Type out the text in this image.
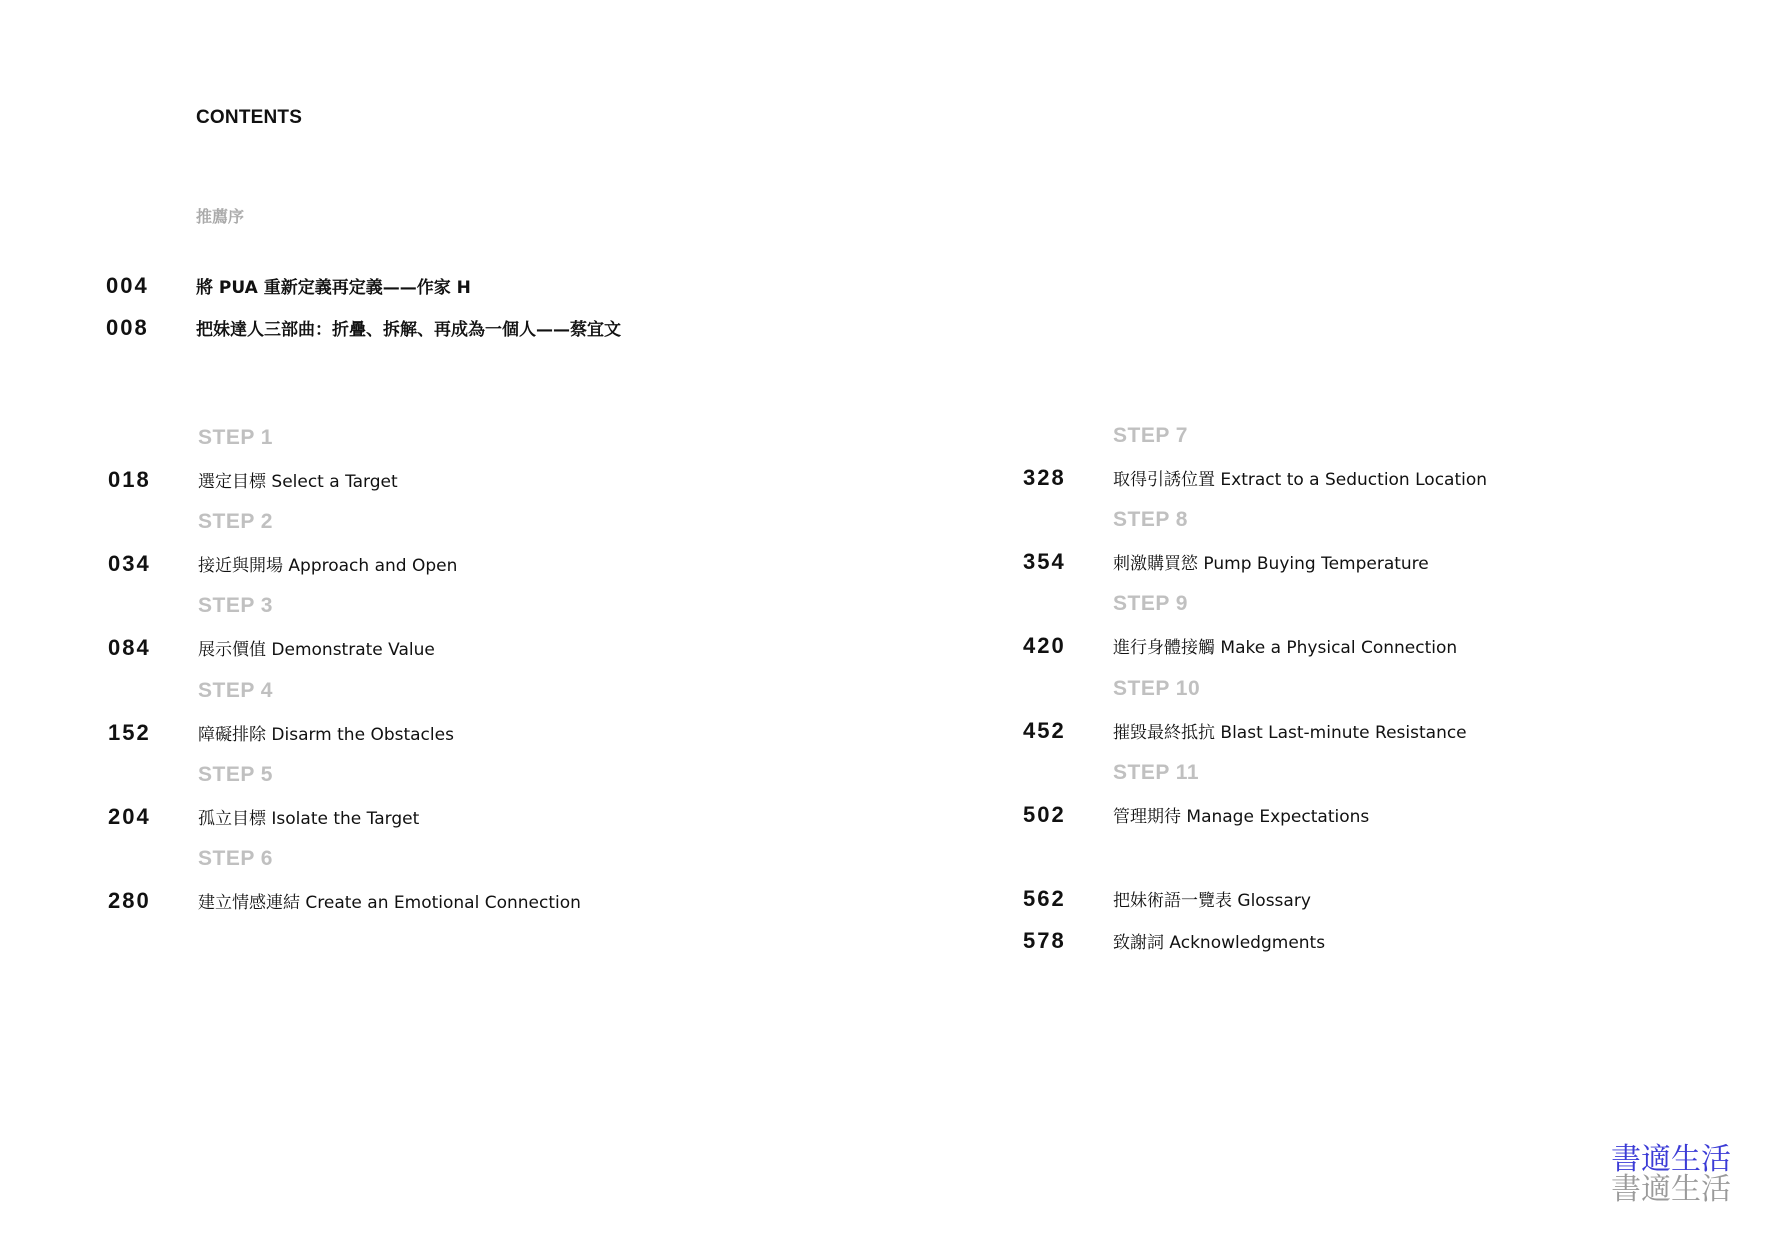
CONTENTS
推薦序
004	將 PUA 重新定義再定義——作家 H
008	把妹達人三部曲：折疊、拆解、再成為一個人——蔡宜文
STEP 1
018	選定目標 Select a Target
STEP 2
034	接近與開場 Approach and Open
STEP 3
084	展示價值 Demonstrate Value
STEP 4
152	障礙排除 Disarm the Obstacles
STEP 5
204	孤立目標 Isolate the Target
STEP 6
280	建立情感連結 Create an Emotional Connection
STEP 7
328	取得引誘位置 Extract to a Seduction Location
STEP 8
354	刺激購買慾 Pump Buying Temperature
STEP 9
420	進行身體接觸 Make a Physical Connection
STEP 10
452	摧毀最終抵抗 Blast Last-minute Resistance
STEP 11
502	管理期待 Manage Expectations
562	把妹術語一覽表 Glossary
578	致謝詞 Acknowledgments
書適生活
書適生活
